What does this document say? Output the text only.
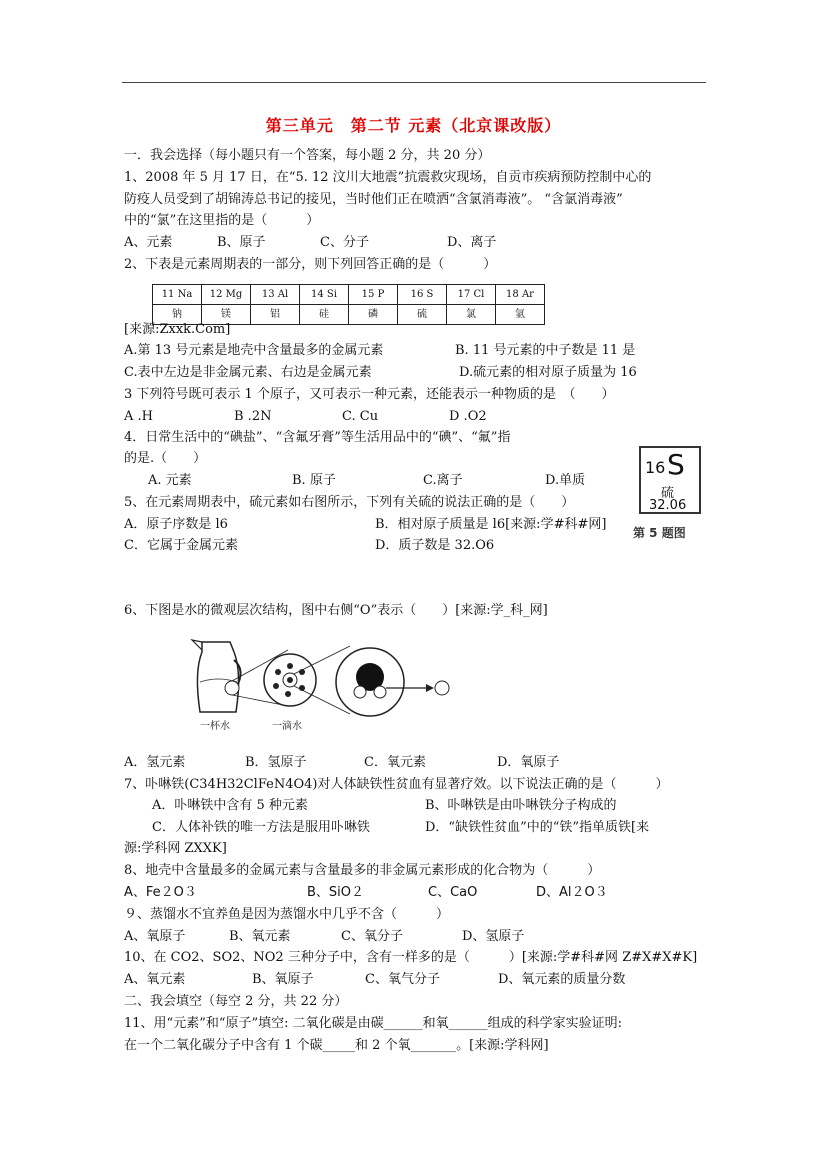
第三单元　第二节 元素（北京课改版）
一．我会选择（每小题只有一个答案，每小题 2 分，共 20 分）
1、2008 年 5 月 17 日，在“5. 12 汶川大地震”抗震救灾现场，自贡市疾病预防控制中心的
防疫人员受到了胡锦涛总书记的接见，当时他们正在喷洒“含氯消毒液”。 “含氯消毒液”
中的“氯”在这里指的是（　　　）
A、元素	B、原子	C、分子	D、离子
2、下表是元素周期表的一部分，则下列回答正确的是（　　　）
11 Na	12 Mg	13 Al	14 Si	15 P	16 S	17 Cl	18 Ar
钠	镁	铝	硅	磷	硫	氯	氩
[来源:Zxxk.Com]
A.第 13 号元素是地壳中含量最多的金属元素	B. 11 号元素的中子数是 11 是
C.表中左边是非金属元素、右边是金属元素	D.硫元素的相对原子质量为 16
3 下列符号既可表示 1 个原子，又可表示一种元素，还能表示一种物质的是　（　　）
A .H	B .2N	C. Cu	D .O2
4．日常生活中的“碘盐”、“含氟牙膏”等生活用品中的“碘”、“氟”指
的是.（　　）
A. 元素	B. 原子	C.离子	D.单质
16 S
硫
32.06
第 5 题图
5、在元素周期表中，硫元素如右图所示，下列有关硫的说法正确的是（　　）
A．原子序数是 l6	B．相对原子质量是 l6[来源:学#科#网]
C．它属于金属元素	D．质子数是 32.O6
6、下图是水的微观层次结构，图中右侧“O”表示（　　）[来源:学_科_网]
一杯水	一滴水
A．氢元素	B．氢原子	C．氧元素	D．氧原子
7、卟啉铁(C34H32ClFeN4O4)对人体缺铁性贫血有显著疗效。以下说法正确的是（　　　）
A．卟啉铁中含有 5 种元素	B、卟啉铁是由卟啉铁分子构成的
C．人体补铁的唯一方法是服用卟啉铁	D．“缺铁性贫血”中的“铁”指单质铁[来
源:学科网 ZXXK]
8、地壳中含量最多的金属元素与含量最多的非金属元素形成的化合物为（　　　）
A、Fe２O３	B、SiO２	C、CaO	D、Al２O３
９、蒸馏水不宜养鱼是因为蒸馏水中几乎不含（　　　）
A、氧原子	B、氧元素	C、氧分子	D、氢原子
10、在 CO2、SO2、NO2 三种分子中，含有一样多的是（　　　）[来源:学#科#网 Z#X#X#K]
A、氧元素	B、氧原子	C、氧气分子	D、氧元素的质量分数
二、我会填空（每空 2 分，共 22 分）
11、用“元素”和“原子”填空: 二氧化碳是由碳______和氧______组成的科学家实验证明:
在一个二氧化碳分子中含有 1 个碳_____和 2 个氧_______。[来源:学科网]
